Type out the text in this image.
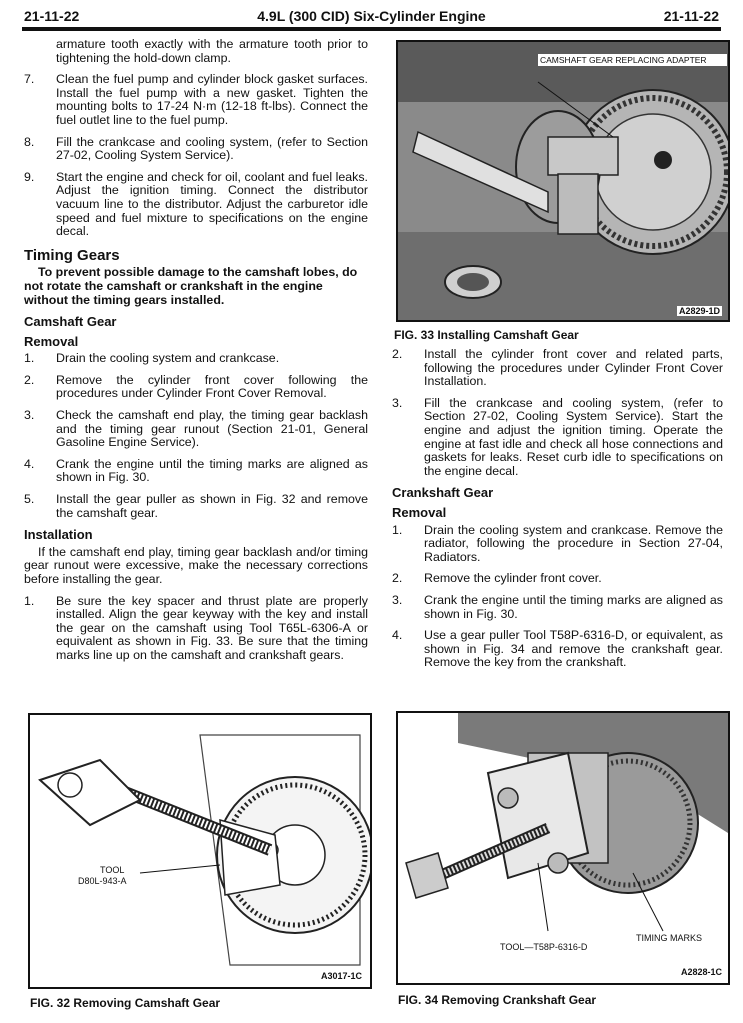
21-11-22	4.9L (300 CID) Six-Cylinder Engine	21-11-22

armature tooth exactly with the armature tooth prior to tightening the hold-down clamp.

7. Clean the fuel pump and cylinder block gasket surfaces. Install the fuel pump with a new gasket. Tighten the mounting bolts to 17-24 N·m (12-18 ft-lbs). Connect the fuel outlet line to the fuel pump.
8. Fill the crankcase and cooling system, (refer to Section 27-02, Cooling System Service).
9. Start the engine and check for oil, coolant and fuel leaks. Adjust the ignition timing. Connect the distributor vacuum line to the distributor. Adjust the carburetor idle speed and fuel mixture to specifications on the engine decal.
Timing Gears

To prevent possible damage to the camshaft lobes, do not rotate the camshaft or crankshaft in the engine without the timing gears installed.

Camshaft Gear
Removal
1. Drain the cooling system and crankcase.
2. Remove the cylinder front cover following the procedures under Cylinder Front Cover Removal.
3. Check the camshaft end play, the timing gear backlash and the timing gear runout (Section 21-01, General Gasoline Engine Service).
4. Crank the engine until the timing marks are aligned as shown in Fig. 30.
5. Install the gear puller as shown in Fig. 32 and remove the camshaft gear.
Installation

If the camshaft end play, timing gear backlash and/or timing gear runout were excessive, make the necessary corrections before installing the gear.

1. Be sure the key spacer and thrust plate are properly installed. Align the gear keyway with the key and install the gear on the camshaft using Tool T65L-6306-A or equivalent as shown in Fig. 33. Be sure that the timing marks line up on the camshaft and crankshaft gears.
CAMSHAFT GEAR REPLACING ADAPTER
A2829-1D
FIG. 33 Installing Camshaft Gear
2. Install the cylinder front cover and related parts, following the procedures under Cylinder Front Cover Installation.
3. Fill the crankcase and cooling system, (refer to Section 27-02, Cooling System Service). Start the engine and adjust the ignition timing. Operate the engine at fast idle and check all hose connections and gaskets for leaks. Reset curb idle to specifications on the engine decal.
Crankshaft Gear
Removal
1. Drain the cooling system and crankcase. Remove the radiator, following the procedure in Section 27-04, Radiators.
2. Remove the cylinder front cover.
3. Crank the engine until the timing marks are aligned as shown in Fig. 30.
4. Use a gear puller Tool T58P-6316-D, or equivalent, as shown in Fig. 34 and remove the crankshaft gear. Remove the key from the crankshaft.
TOOL
D80L-943-A
A3017-1C
FIG. 32 Removing Camshaft Gear
TOOL—T58P-6316-D
TIMING MARKS
A2828-1C
FIG. 34 Removing Crankshaft Gear
